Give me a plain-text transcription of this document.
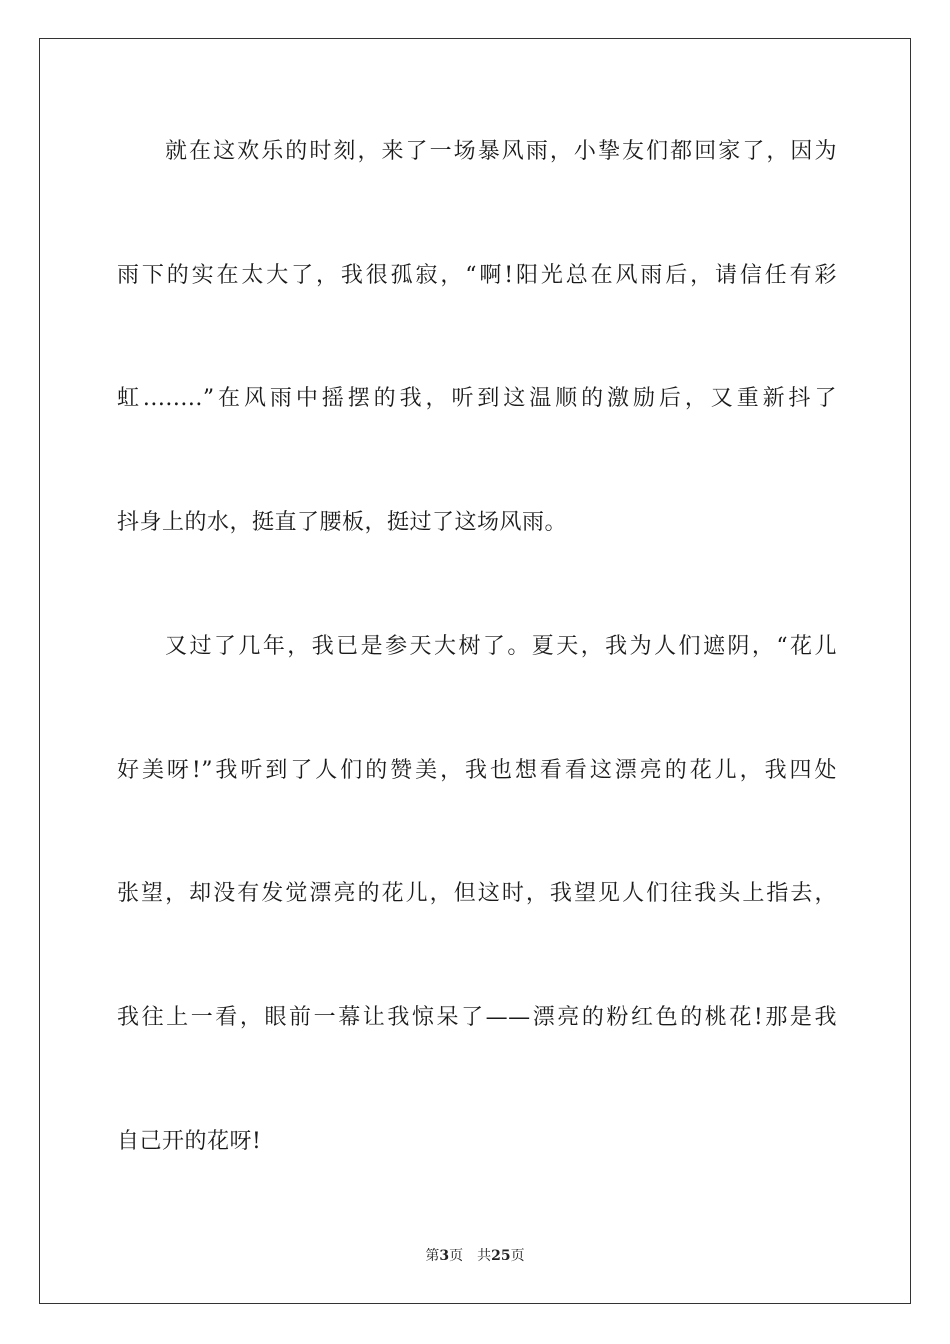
就在这欢乐的时刻，来了一场暴风雨，小挚友们都回家了，因为
雨下的实在太大了，我很孤寂，“啊!阳光总在风雨后，请信任有彩
虹........”在风雨中摇摆的我，听到这温顺的激励后，又重新抖了
抖身上的水，挺直了腰板，挺过了这场风雨。
又过了几年，我已是参天大树了。夏天，我为人们遮阴，“花儿
好美呀!”我听到了人们的赞美，我也想看看这漂亮的花儿，我四处
张望，却没有发觉漂亮的花儿，但这时，我望见人们往我头上指去，
我往上一看，眼前一幕让我惊呆了——漂亮的粉红色的桃花!那是我
自己开的花呀!
第3页 共25页
